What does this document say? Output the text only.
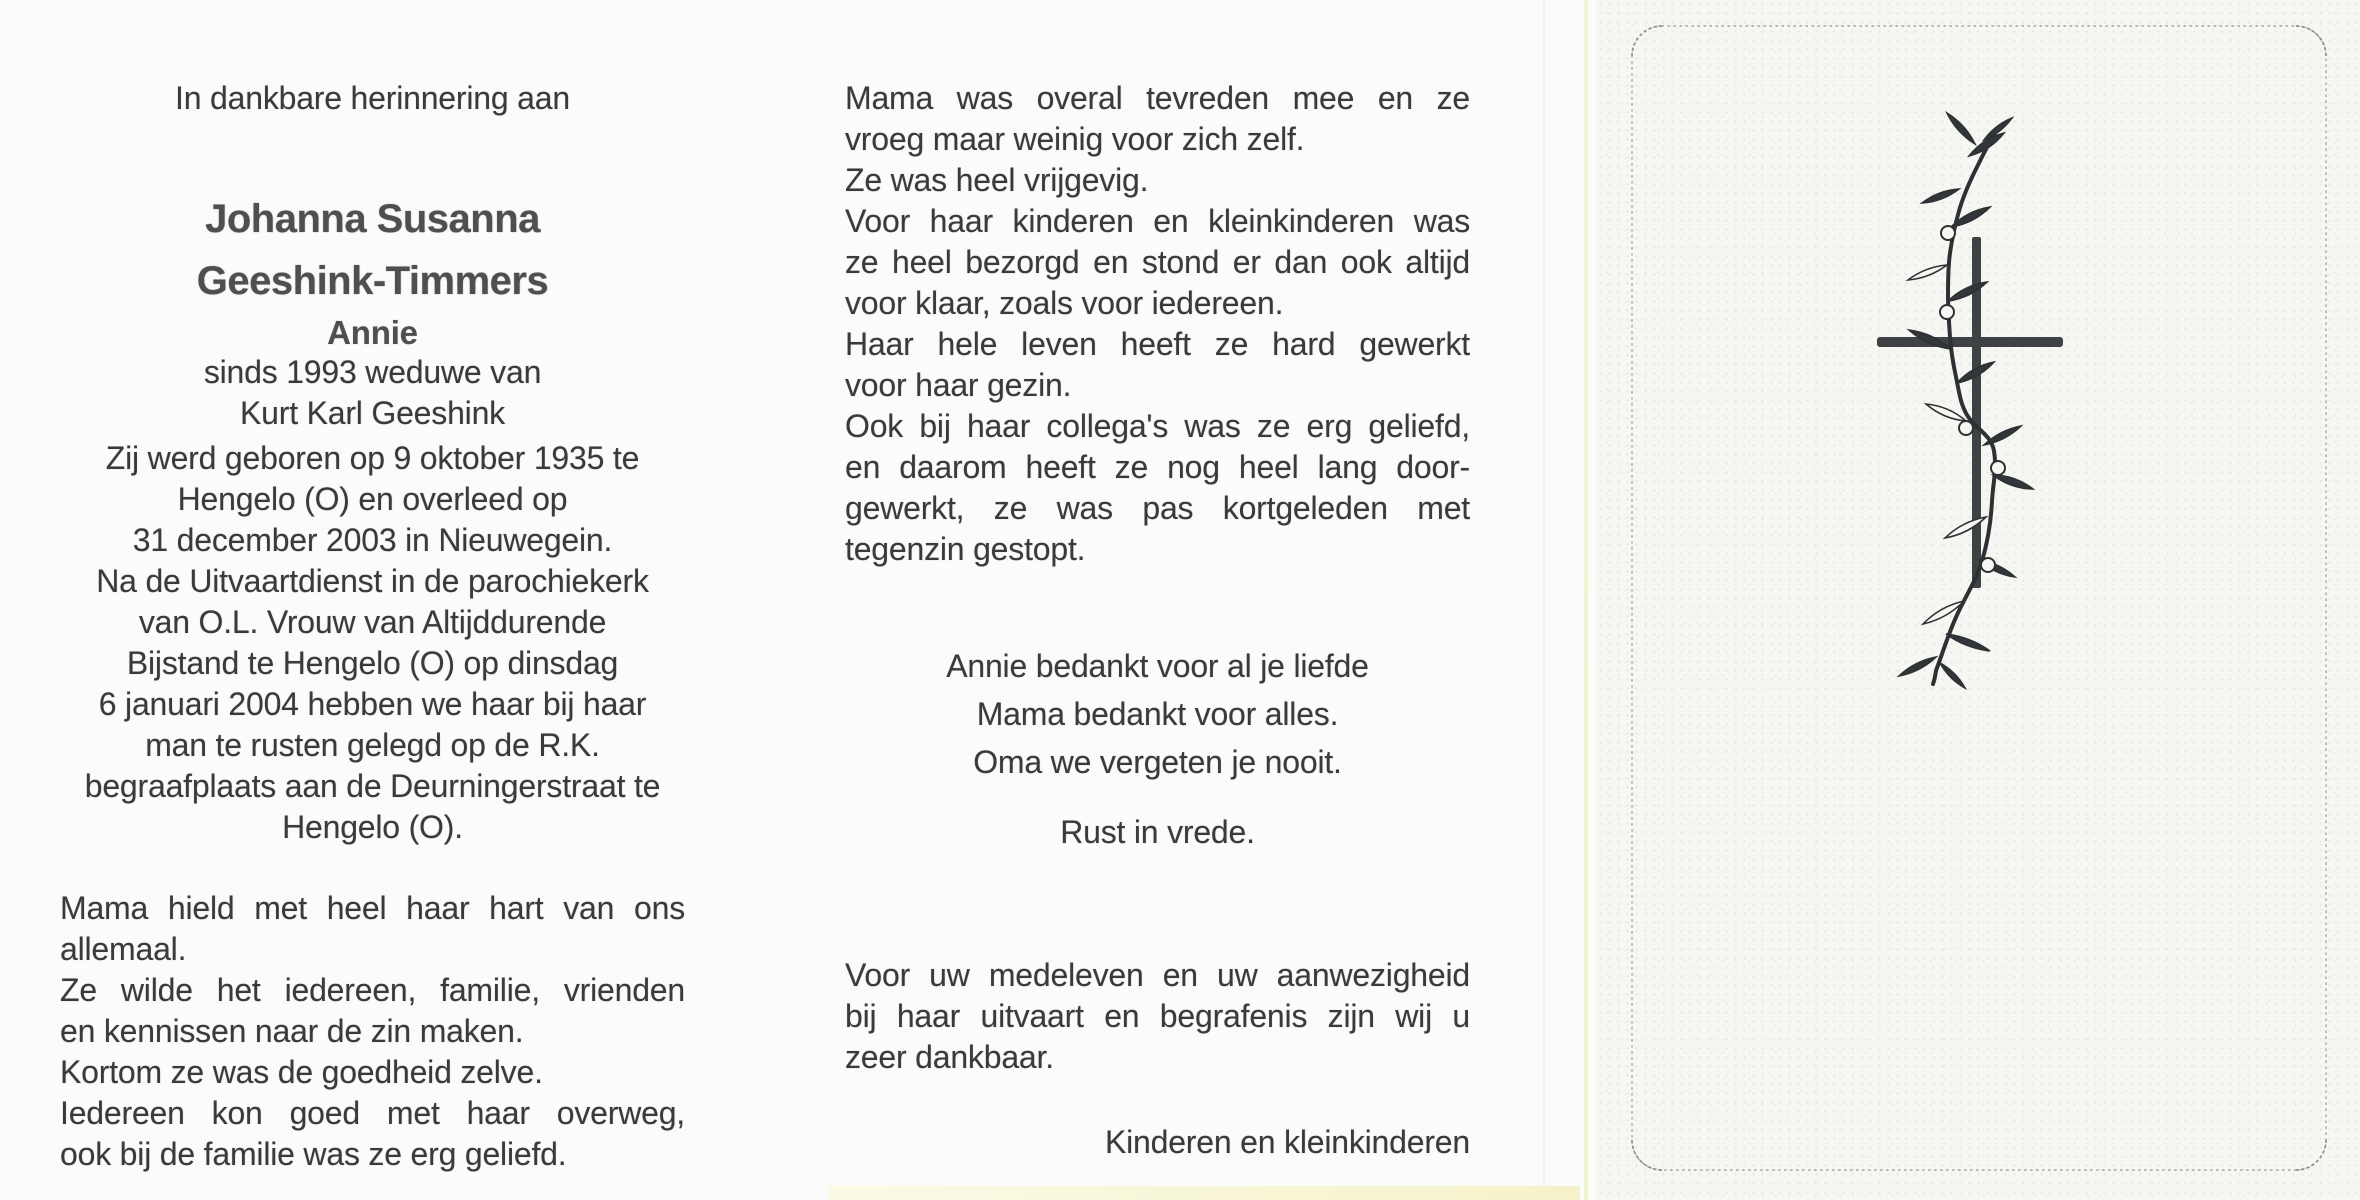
In dankbare herinnering aan
Johanna Susanna
Geeshink-Timmers
Annie
sinds 1993 weduwe van
Kurt Karl Geeshink
Zij werd geboren op 9 oktober 1935 te
Hengelo (O) en overleed op
31 december 2003 in Nieuwegein.
Na de Uitvaartdienst in de parochiekerk
van O.L. Vrouw van Altijddurende
Bijstand te Hengelo (O) op dinsdag
6 januari 2004 hebben we haar bij haar
man te rusten gelegd op de R.K.
begraafplaats aan de Deurningerstraat te
Hengelo (O).
Mama hield met heel haar hart van ons
allemaal.
Ze wilde het iedereen, familie, vrienden
en kennissen naar de zin maken.
Kortom ze was de goedheid zelve.
Iedereen kon goed met haar overweg,
ook bij de familie was ze erg geliefd.
Mama was overal tevreden mee en ze
vroeg maar weinig voor zich zelf.
Ze was heel vrijgevig.
Voor haar kinderen en kleinkinderen was
ze heel bezorgd en stond er dan ook altijd
voor klaar, zoals voor iedereen.
Haar hele leven heeft ze hard gewerkt
voor haar gezin.
Ook bij haar collega's was ze erg geliefd,
en daarom heeft ze nog heel lang door-
gewerkt, ze was pas kortgeleden met
tegenzin gestopt.
Annie bedankt voor al je liefde
Mama bedankt voor alles.
Oma we vergeten je nooit.
Rust in vrede.
Voor uw medeleven en uw aanwezigheid
bij haar uitvaart en begrafenis zijn wij u
zeer dankbaar.
Kinderen en kleinkinderen
